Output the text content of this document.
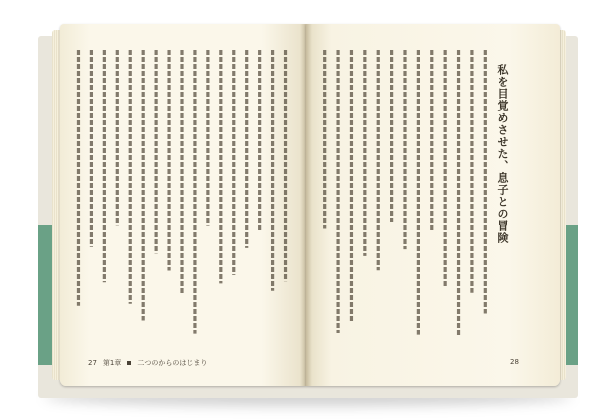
私を目覚めさせた、息子との冒険
27 第1章 二つのからのはじまり	28
